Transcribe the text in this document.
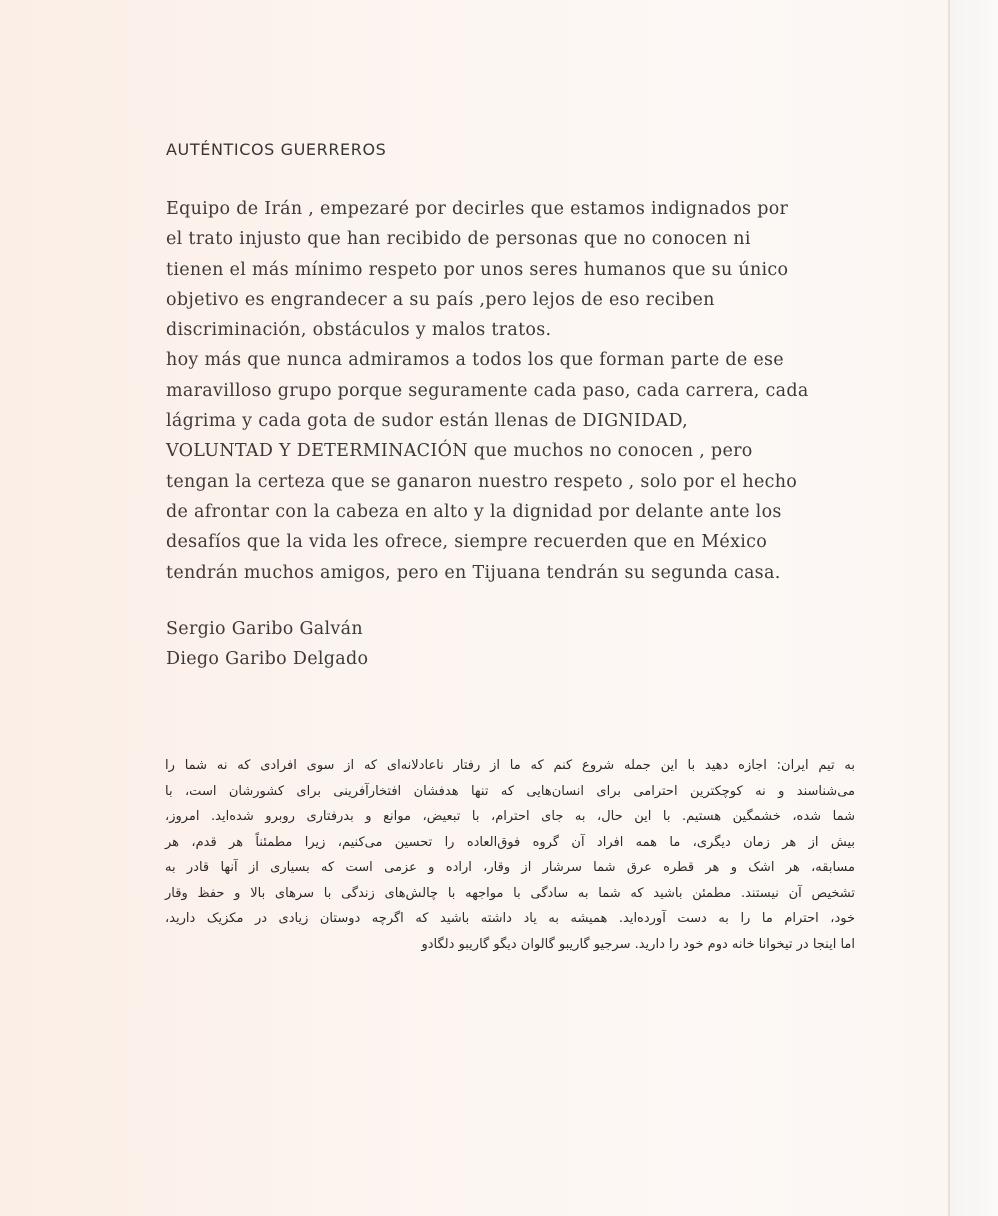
AUTÉNTICOS GUERREROS
Equipo de Irán , empezaré por decirles que estamos indignados por
el trato injusto que han recibido de personas que no conocen ni
tienen el más mínimo respeto por unos seres humanos que su único
objetivo es engrandecer a su país ,pero lejos de eso reciben
discriminación, obstáculos y malos tratos.
hoy más que nunca admiramos a todos los que forman parte de ese
maravilloso grupo porque seguramente cada paso, cada carrera, cada
lágrima y cada gota de sudor están llenas de DIGNIDAD,
VOLUNTAD Y DETERMINACIÓN que muchos no conocen , pero
tengan la certeza que se ganaron nuestro respeto , solo por el hecho
de afrontar con la cabeza en alto y la dignidad por delante ante los
desafíos que la vida les ofrece, siempre recuerden que en México
tendrán muchos amigos, pero en Tijuana tendrán su segunda casa.
Sergio Garibo Galván
Diego Garibo Delgado
به تیم ایران: اجازه دهید با این جمله شروع کنم که ما از رفتار ناعادلانه‌ای که از سوی افرادی که نه شما را
می‌شناسند و نه کوچکترین احترامی برای انسان‌هایی که تنها هدفشان افتخارآفرینی برای کشورشان است، با
شما شده، خشمگین هستیم. با این حال، به جای احترام، با تبعیض، موانع و بدرفتاری روبرو شده‌اید. امروز،
بیش از هر زمان دیگری، ما همه افراد آن گروه فوق‌العاده را تحسین می‌کنیم، زیرا مطمئناً هر قدم، هر
مسابقه، هر اشک و هر قطره عرق شما سرشار از وقار، اراده و عزمی است که بسیاری از آنها قادر به
تشخیص آن نیستند. مطمئن باشید که شما به سادگی با مواجهه با چالش‌های زندگی با سرهای بالا و حفظ وقار
خود، احترام ما را به دست آورده‌اید. همیشه به یاد داشته باشید که اگرچه دوستان زیادی در مکزیک دارید،
اما اینجا در تیخوانا خانه دوم خود را دارید. سرجیو گاریبو گالوان دیگو گاریبو دلگادو
